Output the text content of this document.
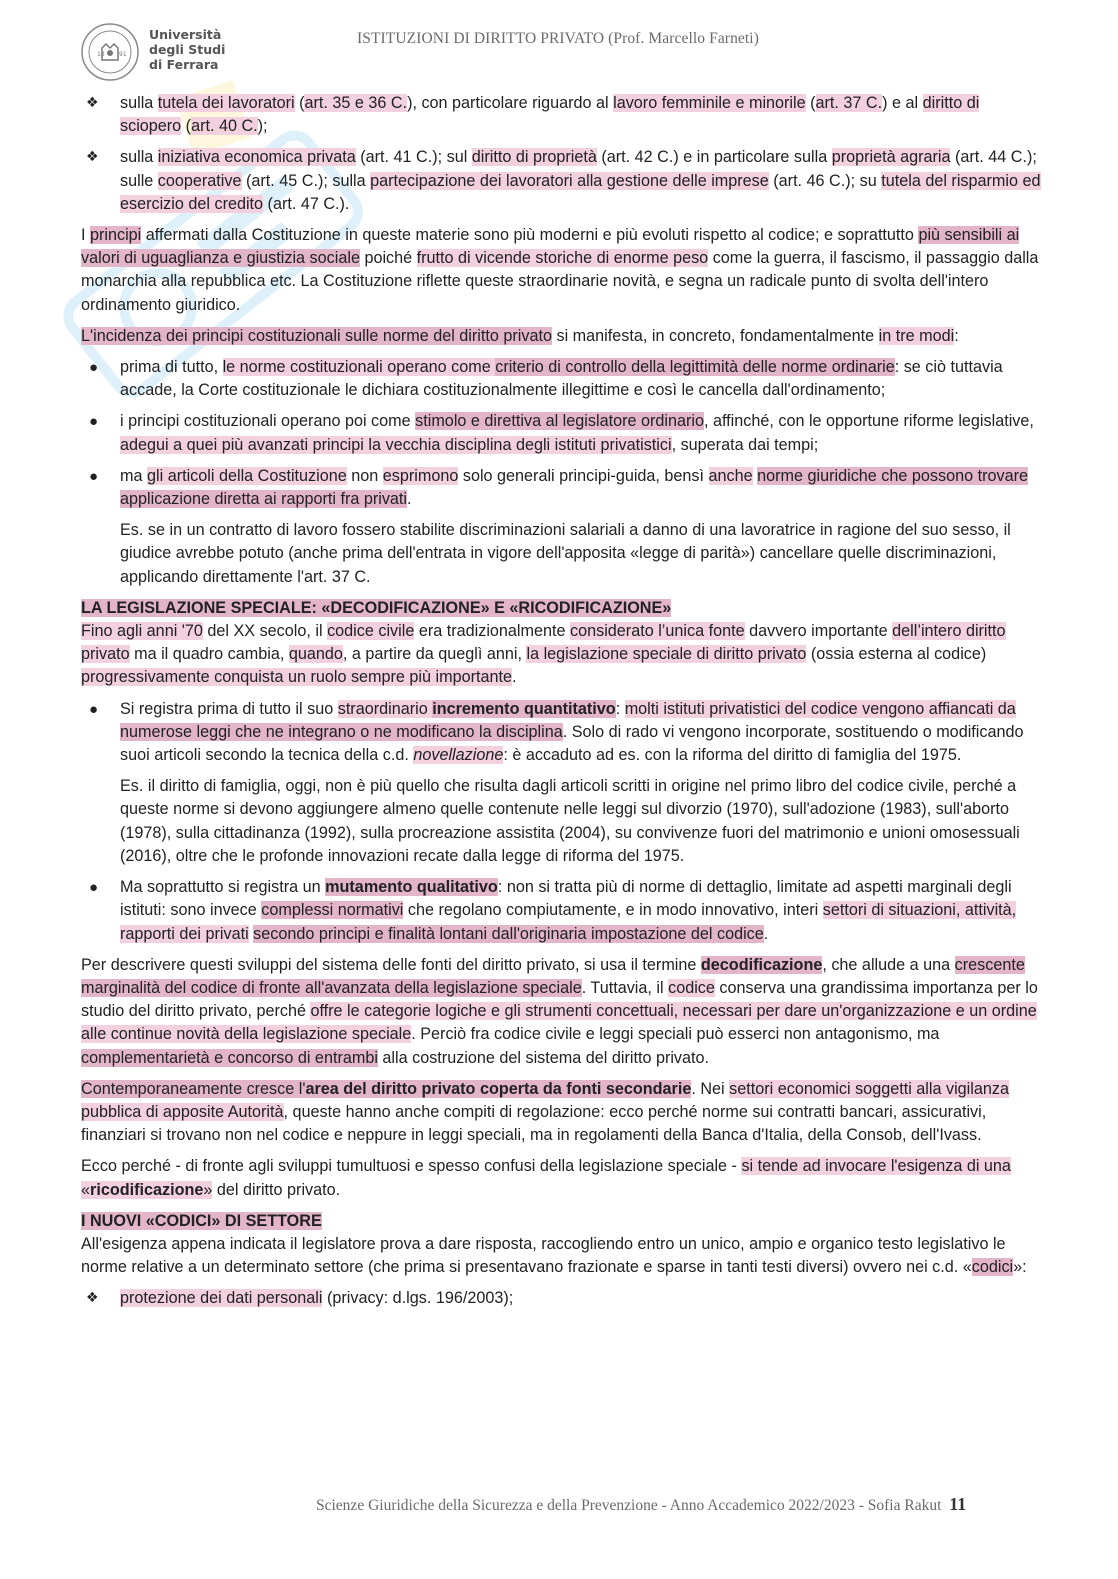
13 91
Università
degli Studi
di Ferrara
ISTITUZIONI DI DIRITTO PRIVATO (Prof. Marcello Farneti)
❖	sulla tutela dei lavoratori (art. 35 e 36 C.), con particolare riguardo al lavoro femminile e minorile (art. 37 C.) e al diritto di sciopero (art. 40 C.);

❖	sulla iniziativa economica privata (art. 41 C.); sul diritto di proprietà (art. 42 C.) e in particolare sulla proprietà agraria (art. 44 C.); sulle cooperative (art. 45 C.); sulla partecipazione dei lavoratori alla gestione delle imprese (art. 46 C.); su tutela del risparmio ed esercizio del credito (art. 47 C.).

I principi affermati dalla Costituzione in queste materie sono più moderni e più evoluti rispetto al codice; e soprattutto più sensibili ai valori di uguaglianza e giustizia sociale poiché frutto di vicende storiche di enorme peso come la guerra, il fascismo, il passaggio dalla monarchia alla repubblica etc. La Costituzione riflette queste straordinarie novità, e segna un radicale punto di svolta dell'intero ordinamento giuridico.

L'incidenza dei principi costituzionali sulle norme del diritto privato si manifesta, in concreto, fondamentalmente in tre modi:

●	prima di tutto, le norme costituzionali operano come criterio di controllo della legittimità delle norme ordinarie: se ciò tuttavia accade, la Corte costituzionale le dichiara costituzionalmente illegittime e così le cancella dall'ordinamento;

●	i principi costituzionali operano poi come stimolo e direttiva al legislatore ordinario, affinché, con le opportune riforme legislative, adegui a quei più avanzati principi la vecchia disciplina degli istituti privatistici, superata dai tempi;

●	ma gli articoli della Costituzione non esprimono solo generali principi-guida, bensì anche norme giuridiche che possono trovare applicazione diretta ai rapporti fra privati.

Es. se in un contratto di lavoro fossero stabilite discriminazioni salariali a danno di una lavoratrice in ragione del suo sesso, il giudice avrebbe potuto (anche prima dell'entrata in vigore dell'apposita «legge di parità») cancellare quelle discriminazioni, applicando direttamente l'art. 37 C.

LA LEGISLAZIONE SPECIALE: «DECODIFICAZIONE» E «RICODIFICAZIONE»

Fino agli anni '70 del XX secolo, il codice civile era tradizionalmente considerato l’unica fonte davvero importante dell’intero diritto privato ma il quadro cambia, quando, a partire da queglì anni, la legislazione speciale di diritto privato (ossia esterna al codice) progressivamente conquista un ruolo sempre più importante.

●	Si registra prima di tutto il suo straordinario incremento quantitativo: molti istituti privatistici del codice vengono affiancati da numerose leggi che ne integrano o ne modificano la disciplina. Solo di rado vi vengono incorporate, sostituendo o modificando suoi articoli secondo la tecnica della c.d. novellazione: è accaduto ad es. con la riforma del diritto di famiglia del 1975.

Es. il diritto di famiglia, oggi, non è più quello che risulta dagli articoli scritti in origine nel primo libro del codice civile, perché a queste norme si devono aggiungere almeno quelle contenute nelle leggi sul divorzio (1970), sull'adozione (1983), sull'aborto (1978), sulla cittadinanza (1992), sulla procreazione assistita (2004), su convivenze fuori del matrimonio e unioni omosessuali (2016), oltre che le profonde innovazioni recate dalla legge di riforma del 1975.

●	Ma soprattutto si registra un mutamento qualitativo: non si tratta più di norme di dettaglio, limitate ad aspetti marginali degli istituti: sono invece complessi normativi che regolano compiutamente, e in modo innovativo, interi settori di situazioni, attività, rapporti dei privati secondo principi e finalità lontani dall'originaria impostazione del codice.

Per descrivere questi sviluppi del sistema delle fonti del diritto privato, si usa il termine decodificazione, che allude a una crescente marginalità del codice di fronte all'avanzata della legislazione speciale. Tuttavia, il codice conserva una grandissima importanza per lo studio del diritto privato, perché offre le categorie logiche e gli strumenti concettuali, necessari per dare un'organizzazione e un ordine alle continue novità della legislazione speciale. Perciò fra codice civile e leggi speciali può esserci non antagonismo, ma complementarietà e concorso di entrambi alla costruzione del sistema del diritto privato.

Contemporaneamente cresce l'area del diritto privato coperta da fonti secondarie. Nei settori economici soggetti alla vigilanza pubblica di apposite Autorità, queste hanno anche compiti di regolazione: ecco perché norme sui contratti bancari, assicurativi, finanziari si trovano non nel codice e neppure in leggi speciali, ma in regolamenti della Banca d'Italia, della Consob, dell'Ivass.

Ecco perché - di fronte agli sviluppi tumultuosi e spesso confusi della legislazione speciale - si tende ad invocare l'esigenza di una «ricodificazione» del diritto privato.

I NUOVI «CODICI» DI SETTORE

All'esigenza appena indicata il legislatore prova a dare risposta, raccogliendo entro un unico, ampio e organico testo legislativo le norme relative a un determinato settore (che prima si presentavano frazionate e sparse in tanti testi diversi) ovvero nei c.d. «codici»:

❖	protezione dei dati personali (privacy: d.lgs. 196/2003);

Scienze Giuridiche della Sicurezza e della Prevenzione - Anno Accademico 2022/2023 - Sofia Rakut 11
